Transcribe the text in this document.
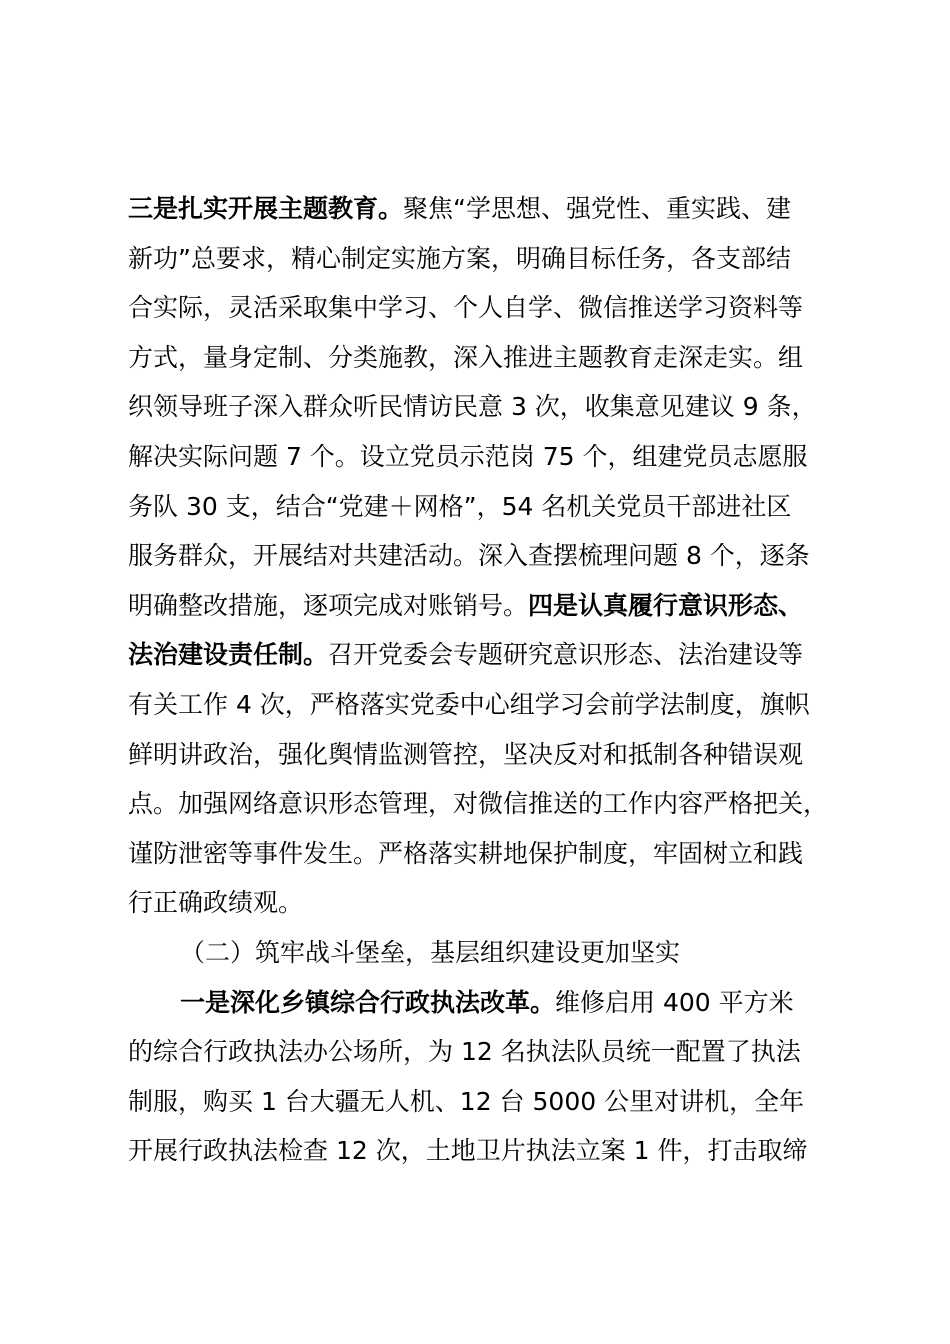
三是扎实开展主题教育。聚焦“学思想、强党性、重实践、建
新功”总要求，精心制定实施方案，明确目标任务，各支部结
合实际，灵活采取集中学习、个人自学、微信推送学习资料等
方式，量身定制、分类施教，深入推进主题教育走深走实。组
织领导班子深入群众听民情访民意 3 次，收集意见建议 9 条，
解决实际问题 7 个。设立党员示范岗 75 个，组建党员志愿服
务队 30 支，结合“党建＋网格”，54 名机关党员干部进社区
服务群众，开展结对共建活动。深入查摆梳理问题 8 个，逐条
明确整改措施，逐项完成对账销号。四是认真履行意识形态、
法治建设责任制。召开党委会专题研究意识形态、法治建设等
有关工作 4 次，严格落实党委中心组学习会前学法制度，旗帜
鲜明讲政治，强化舆情监测管控，坚决反对和抵制各种错误观
点。加强网络意识形态管理，对微信推送的工作内容严格把关，
谨防泄密等事件发生。严格落实耕地保护制度，牢固树立和践
行正确政绩观。
（二）筑牢战斗堡垒，基层组织建设更加坚实
一是深化乡镇综合行政执法改革。维修启用 400 平方米
的综合行政执法办公场所，为 12 名执法队员统一配置了执法
制服，购买 1 台大疆无人机、12 台 5000 公里对讲机，全年
开展行政执法检查 12 次，土地卫片执法立案 1 件，打击取缔
